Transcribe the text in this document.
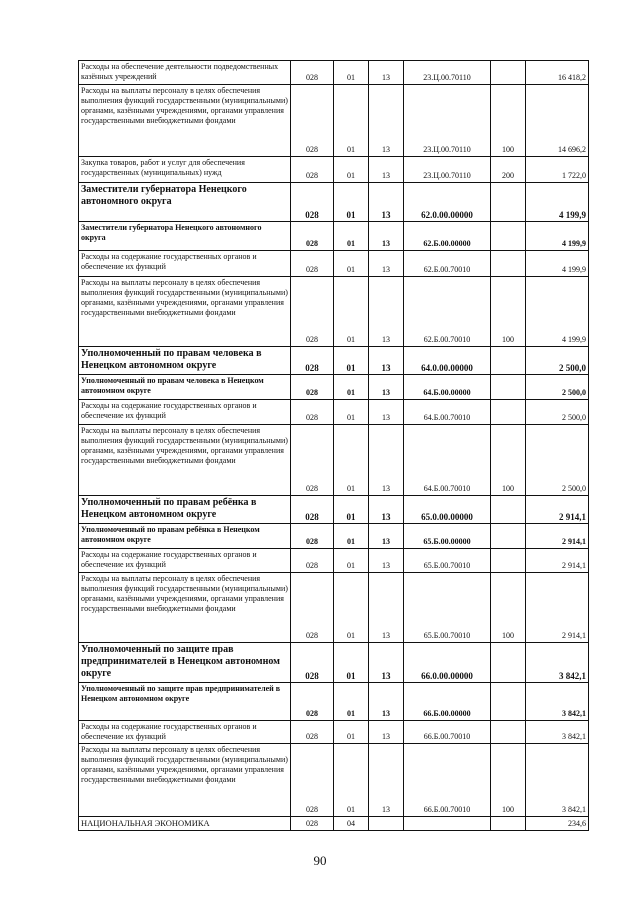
Расходы на обеспечение деятельности подведомственных казённых учреждений	028	01	13	23.Ц.00.70110		16 418,2
Расходы на выплаты персоналу в целях обеспечения выполнения функций государственными (муниципальными) органами, казёнными учреждениями, органами управления государственными внебюджетными фондами	028	01	13	23.Ц.00.70110	100	14 696,2
Закупка товаров, работ и услуг для обеспечения государственных (муниципальных) нужд	028	01	13	23.Ц.00.70110	200	1 722,0
Заместители губернатора Ненецкого автономного округа	028	01	13	62.0.00.00000		4 199,9
Заместители губернатора Ненецкого автономного округа	028	01	13	62.Б.00.00000		4 199,9
Расходы на содержание государственных органов и обеспечение их функций	028	01	13	62.Б.00.70010		4 199,9
Расходы на выплаты персоналу в целях обеспечения выполнения функций государственными (муниципальными) органами, казёнными учреждениями, органами управления государственными внебюджетными фондами	028	01	13	62.Б.00.70010	100	4 199,9
Уполномоченный по правам человека в Ненецком автономном округе	028	01	13	64.0.00.00000		2 500,0
Уполномоченный по правам человека в Ненецком автономном округе	028	01	13	64.Б.00.00000		2 500,0
Расходы на содержание государственных органов и обеспечение их функций	028	01	13	64.Б.00.70010		2 500,0
Расходы на выплаты персоналу в целях обеспечения выполнения функций государственными (муниципальными) органами, казёнными учреждениями, органами управления государственными внебюджетными фондами	028	01	13	64.Б.00.70010	100	2 500,0
Уполномоченный по правам ребёнка в Ненецком автономном округе	028	01	13	65.0.00.00000		2 914,1
Уполномоченный по правам ребёнка в Ненецком автономном округе	028	01	13	65.Б.00.00000		2 914,1
Расходы на содержание государственных органов и обеспечение их функций	028	01	13	65.Б.00.70010		2 914,1
Расходы на выплаты персоналу в целях обеспечения выполнения функций государственными (муниципальными) органами, казёнными учреждениями, органами управления государственными внебюджетными фондами	028	01	13	65.Б.00.70010	100	2 914,1
Уполномоченный по защите прав предпринимателей в Ненецком автономном округе	028	01	13	66.0.00.00000		3 842,1
Уполномоченный по защите прав предпринимателей в Ненецком автономном округе	028	01	13	66.Б.00.00000		3 842,1
Расходы на содержание государственных органов и обеспечение их функций	028	01	13	66.Б.00.70010		3 842,1
Расходы на выплаты персоналу в целях обеспечения выполнения функций государственными (муниципальными) органами, казёнными учреждениями, органами управления государственными внебюджетными фондами	028	01	13	66.Б.00.70010	100	3 842,1
НАЦИОНАЛЬНАЯ ЭКОНОМИКА	028	04				234,6
90
